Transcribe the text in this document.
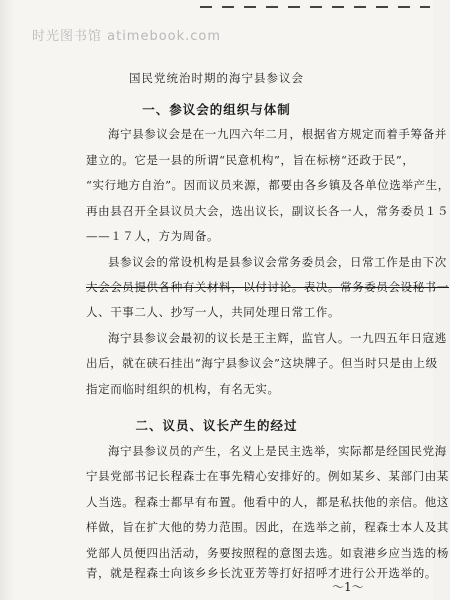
时光图书馆 atimebook.com
国民党统治时期的海宁县参议会
一、参议会的组织与体制
海宁县参议会是在一九四六年二月，根据省方规定而着手筹备并
建立的。它是一县的所谓“民意机构”，旨在标榜“还政于民”，
“实行地方自治”。因而议员来源，都要由各乡镇及各单位选举产生，
再由县召开全县议员大会，选出议长，副议长各一人，常务委员１５
——１７人，方为周备。
县参议会的常设机构是县参议会常务委员会，日常工作是由下次
大会会员提供各种有关材料，以付讨论。表决。常务委员会设秘书一
人、干事二人、抄写一人，共同处理日常工作。
海宁县参议会最初的议长是王主辉，监官人。一九四五年日寇逃
出后，就在硖石挂出“海宁县参议会”这块牌子。但当时只是由上级
指定而临时组织的机构，有名无实。
二、议员、议长产生的经过
海宁县参议员的产生，名义上是民主选举，实际都是经国民党海
宁县党部书记长程森士在事先精心安排好的。例如某乡、某部门由某
人当选。程森士都早有布置。他看中的人，都是私扶他的亲信。他这
样做，旨在扩大他的势力范围。因此，在选举之前，程森士本人及其
党部人员便四出活动，务要按照程的意图去选。如袁港乡应当选的杨
青，就是程森士向该乡乡长沈亚芳等打好招呼才进行公开选举的。
～1～
